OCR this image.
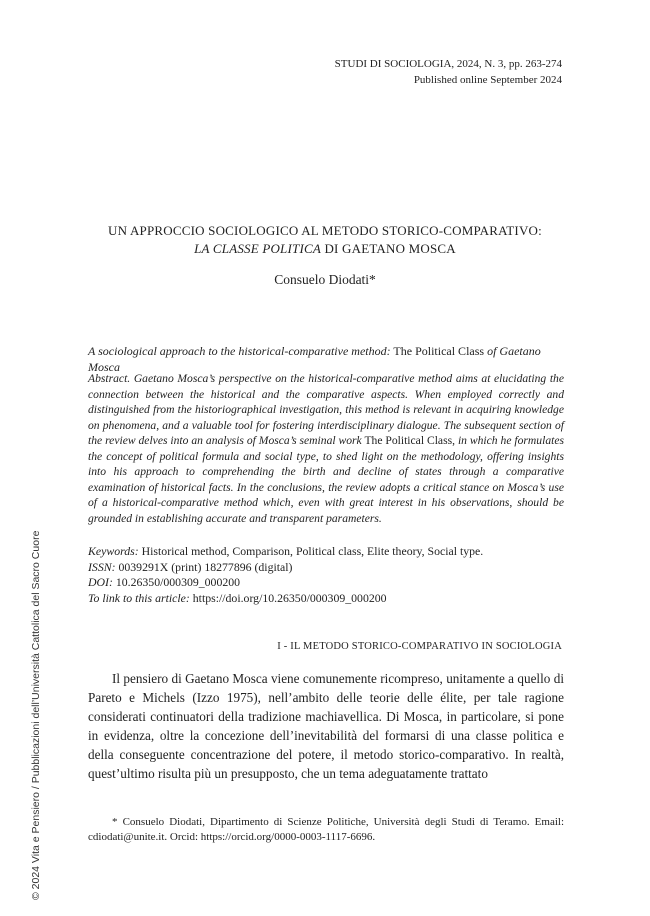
STUDI DI SOCIOLOGIA, 2024, N. 3, pp. 263-274
Published online September 2024
UN APPROCCIO SOCIOLOGICO AL METODO STORICO-COMPARATIVO:
LA CLASSE POLITICA DI GAETANO MOSCA
Consuelo Diodati*
A sociological approach to the historical-comparative method: The Political Class of Gaetano Mosca
Abstract. Gaetano Mosca’s perspective on the historical-comparative method aims at elucidating the connection between the historical and the comparative aspects. When employed correctly and distinguished from the historiographical investigation, this method is relevant in acquiring knowledge on phenomena, and a valuable tool for fostering interdisciplinary dialogue. The subsequent section of the review delves into an analysis of Mosca’s seminal work The Political Class, in which he formulates the concept of political formula and social type, to shed light on the methodology, offering insights into his approach to comprehending the birth and decline of states through a comparative examination of historical facts. In the conclusions, the review adopts a critical stance on Mosca’s use of a historical-comparative method which, even with great interest in his observations, should be grounded in establishing accurate and transparent parameters.
Keywords: Historical method, Comparison, Political class, Elite theory, Social type.
ISSN: 0039291X (print) 18277896 (digital)
DOI: 10.26350/000309_000200
To link to this article: https://doi.org/10.26350/000309_000200
I - IL METODO STORICO-COMPARATIVO IN SOCIOLOGIA
Il pensiero di Gaetano Mosca viene comunemente ricompreso, unitamente a quello di Pareto e Michels (Izzo 1975), nell’ambito delle teorie delle élite, per tale ragione considerati continuatori della tradizione machiavellica. Di Mosca, in particolare, si pone in evidenza, oltre la concezione dell’inevitabilità del formarsi di una classe politica e della conseguente concentrazione del potere, il metodo storico-comparativo. In realtà, quest’ultimo risulta più un presupposto, che un tema adeguatamente trattato
* Consuelo Diodati, Dipartimento di Scienze Politiche, Università degli Studi di Teramo. Email: cdiodati@unite.it. Orcid: https://orcid.org/0000-0003-1117-6696.
© 2024 Vita e Pensiero / Pubblicazioni dell’Università Cattolica del Sacro Cuore
